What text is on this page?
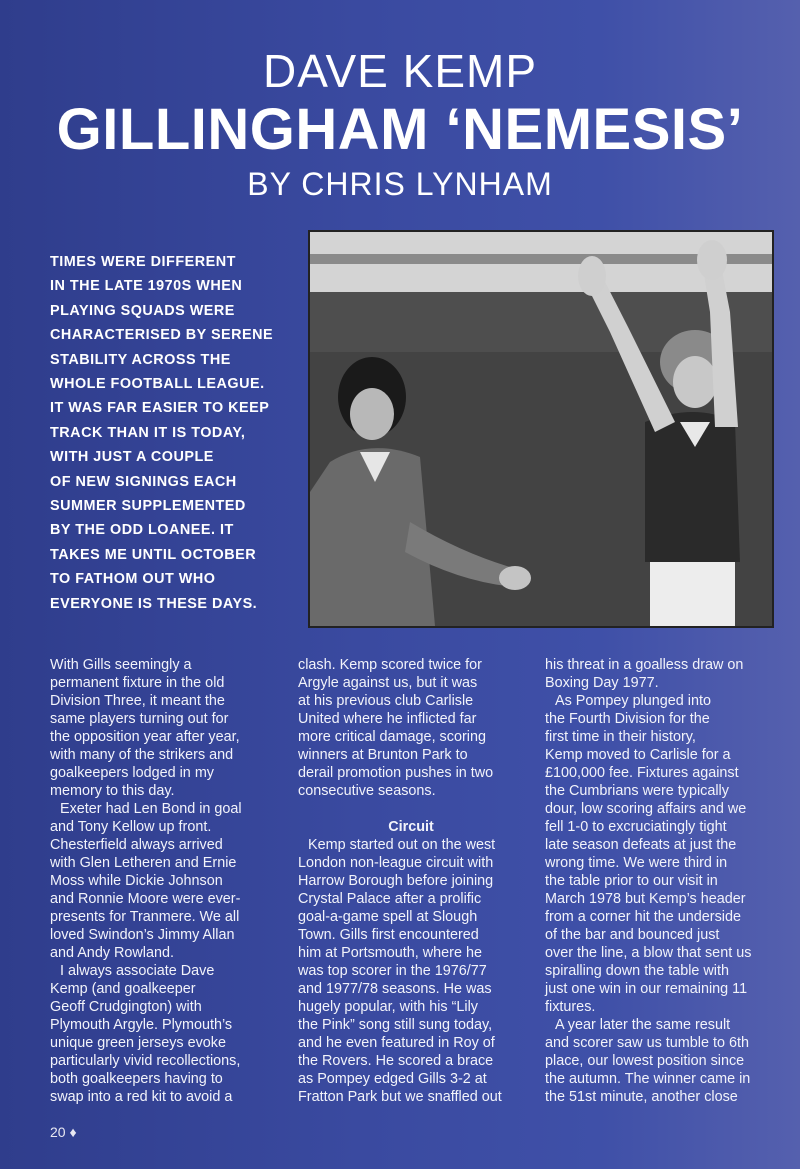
DAVE KEMP
GILLINGHAM ‘NEMESIS’
BY CHRIS LYNHAM
TIMES WERE DIFFERENT
IN THE LATE 1970S WHEN
PLAYING SQUADS WERE
CHARACTERISED BY SERENE
STABILITY ACROSS THE
WHOLE FOOTBALL LEAGUE.
IT WAS FAR EASIER TO KEEP
TRACK THAN IT IS TODAY,
WITH JUST A COUPLE
OF NEW SIGNINGS EACH
SUMMER SUPPLEMENTED
BY THE ODD LOANEE. IT
TAKES ME UNTIL OCTOBER
TO FATHOM OUT WHO
EVERYONE IS THESE DAYS.
With Gills seemingly a
permanent fixture in the old
Division Three, it meant the
same players turning out for
the opposition year after year,
with many of the strikers and
goalkeepers lodged in my
memory to this day.
Exeter had Len Bond in goal
and Tony Kellow up front.
Chesterfield always arrived
with Glen Letheren and Ernie
Moss while Dickie Johnson
and Ronnie Moore were ever-
presents for Tranmere. We all
loved Swindon’s Jimmy Allan
and Andy Rowland.
I always associate Dave
Kemp (and goalkeeper
Geoff Crudgington) with
Plymouth Argyle. Plymouth’s
unique green jerseys evoke
particularly vivid recollections,
both goalkeepers having to
swap into a red kit to avoid a
clash. Kemp scored twice for
Argyle against us, but it was
at his previous club Carlisle
United where he inflicted far
more critical damage, scoring
winners at Brunton Park to
derail promotion pushes in two
consecutive seasons.
Circuit
Kemp started out on the west
London non-league circuit with
Harrow Borough before joining
Crystal Palace after a prolific
goal-a-game spell at Slough
Town. Gills first encountered
him at Portsmouth, where he
was top scorer in the 1976/77
and 1977/78 seasons. He was
hugely popular, with his “Lily
the Pink” song still sung today,
and he even featured in Roy of
the Rovers. He scored a brace
as Pompey edged Gills 3-2 at
Fratton Park but we snaffled out
his threat in a goalless draw on
Boxing Day 1977.
As Pompey plunged into
the Fourth Division for the
first time in their history,
Kemp moved to Carlisle for a
£100,000 fee. Fixtures against
the Cumbrians were typically
dour, low scoring affairs and we
fell 1-0 to excruciatingly tight
late season defeats at just the
wrong time. We were third in
the table prior to our visit in
March 1978 but Kemp’s header
from a corner hit the underside
of the bar and bounced just
over the line, a blow that sent us
spiralling down the table with
just one win in our remaining 11
fixtures.
A year later the same result
and scorer saw us tumble to 6th
place, our lowest position since
the autumn. The winner came in
the 51st minute, another close
20 ♦
